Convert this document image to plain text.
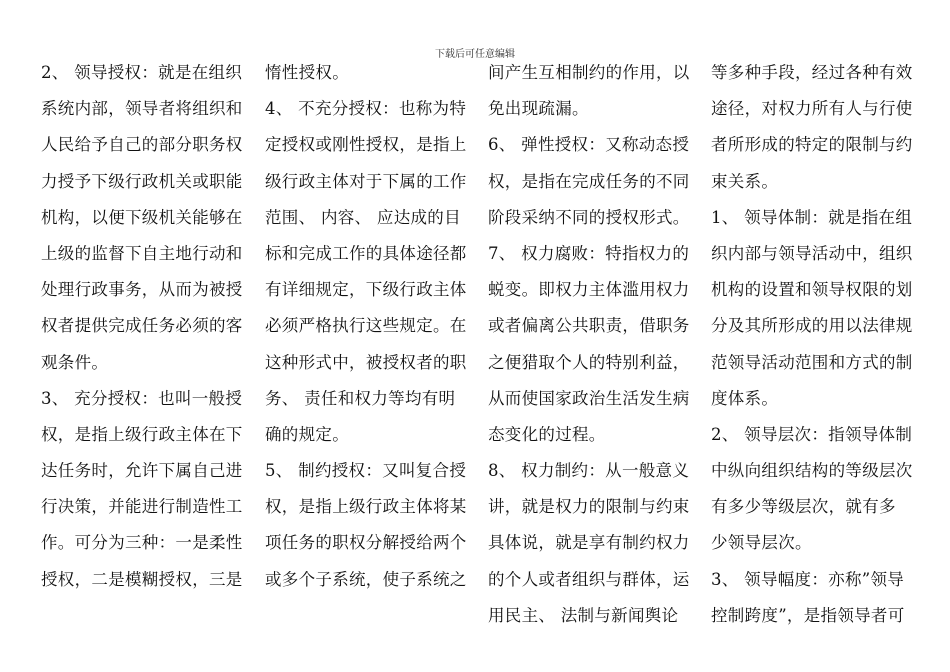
下载后可任意编辑
2、 领导授权：就是在组织
系统内部，领导者将组织和
人民给予自己的部分职务权
力授予下级行政机关或职能
机构，以便下级机关能够在
上级的监督下自主地行动和
处理行政事务，从而为被授
权者提供完成任务必须的客
观条件。
3、 充分授权：也叫一般授
权，是指上级行政主体在下
达任务时，允许下属自己进
行决策，并能进行制造性工
作。可分为三种：一是柔性
授权，二是模糊授权，三是
惰性授权。
4、 不充分授权：也称为特
定授权或刚性授权，是指上
级行政主体对于下属的工作
范围、 内容、 应达成的目
标和完成工作的具体途径都
有详细规定，下级行政主体
必须严格执行这些规定。在
这种形式中，被授权者的职
务、 责任和权力等均有明
确的规定。
5、 制约授权：又叫复合授
权，是指上级行政主体将某
项任务的职权分解授给两个
或多个子系统，使子系统之
间产生互相制约的作用，以
免出现疏漏。
6、 弹性授权：又称动态授
权，是指在完成任务的不同
阶段采纳不同的授权形式。
7、 权力腐败：特指权力的
蜕变。即权力主体滥用权力
或者偏离公共职责，借职务
之便猎取个人的特别利益，
从而使国家政治生活发生病
态变化的过程。
8、 权力制约：从一般意义
讲，就是权力的限制与约束
具体说，就是享有制约权力
的个人或者组织与群体，运
用民主、 法制与新闻舆论
等多种手段，经过各种有效
途径，对权力所有人与行使
者所形成的特定的限制与约
束关系。
1、 领导体制：就是指在组
织内部与领导活动中，组织
机构的设置和领导权限的划
分及其所形成的用以法律规
范领导活动范围和方式的制
度体系。
2、 领导层次：指领导体制
中纵向组织结构的等级层次
有多少等级层次，就有多
少领导层次。
3、 领导幅度：亦称”领导
控制跨度”，是指领导者可
